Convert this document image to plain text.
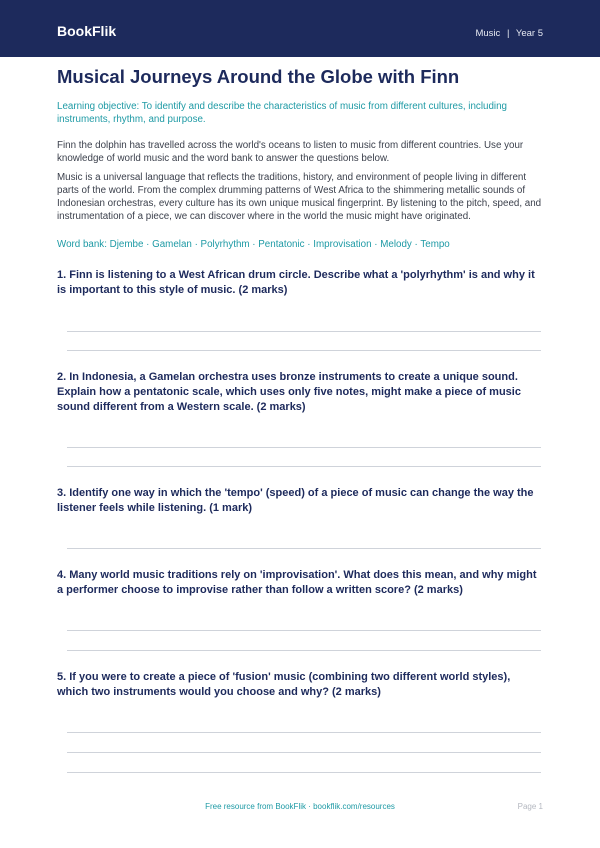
BookFlik	Music | Year 5
Musical Journeys Around the Globe with Finn
Learning objective: To identify and describe the characteristics of music from different cultures, including instruments, rhythm, and purpose.
Finn the dolphin has travelled across the world's oceans to listen to music from different countries. Use your knowledge of world music and the word bank to answer the questions below.
Music is a universal language that reflects the traditions, history, and environment of people living in different parts of the world. From the complex drumming patterns of West Africa to the shimmering metallic sounds of Indonesian orchestras, every culture has its own unique musical fingerprint. By listening to the pitch, speed, and instrumentation of a piece, we can discover where in the world the music might have originated.
Word bank: Djembe · Gamelan · Polyrhythm · Pentatonic · Improvisation · Melody · Tempo
1. Finn is listening to a West African drum circle. Describe what a 'polyrhythm' is and why it is important to this style of music. (2 marks)
2. In Indonesia, a Gamelan orchestra uses bronze instruments to create a unique sound. Explain how a pentatonic scale, which uses only five notes, might make a piece of music sound different from a Western scale. (2 marks)
3. Identify one way in which the 'tempo' (speed) of a piece of music can change the way the listener feels while listening. (1 mark)
4. Many world music traditions rely on 'improvisation'. What does this mean, and why might a performer choose to improvise rather than follow a written score? (2 marks)
5. If you were to create a piece of 'fusion' music (combining two different world styles), which two instruments would you choose and why? (2 marks)
Free resource from BookFlik · bookflik.com/resources	Page 1
